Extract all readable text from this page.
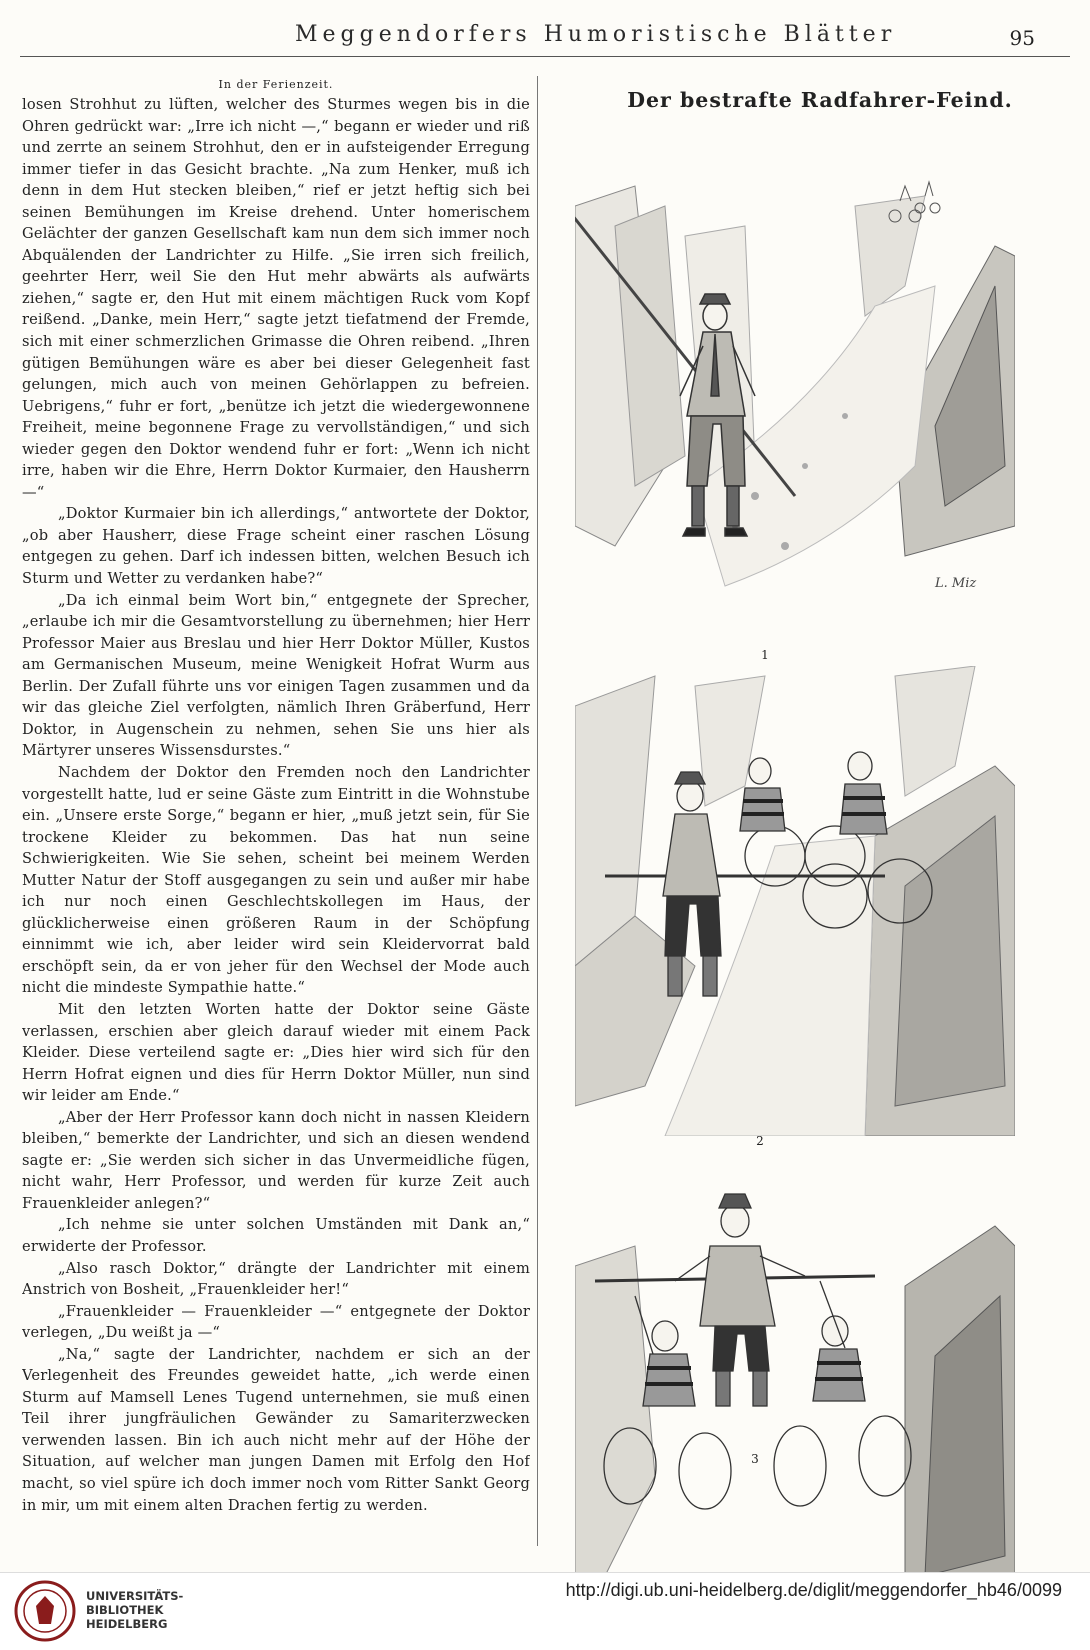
Meggendorfers Humoristische Blätter	95
In der Ferienzeit.

losen Strohhut zu lüften, welcher des Sturmes wegen bis in die Ohren gedrückt war: „Irre ich nicht —,“ begann er wieder und riß und zerrte an seinem Strohhut, den er in aufsteigender Erregung immer tiefer in das Gesicht brachte. „Na zum Henker, muß ich denn in dem Hut stecken bleiben,“ rief er jetzt heftig sich bei seinen Bemühungen im Kreise drehend. Unter homerischem Gelächter der ganzen Gesellschaft kam nun dem sich immer noch Abquälenden der Landrichter zu Hilfe. „Sie irren sich freilich, geehrter Herr, weil Sie den Hut mehr abwärts als aufwärts ziehen,“ sagte er, den Hut mit einem mächtigen Ruck vom Kopf reißend. „Danke, mein Herr,“ sagte jetzt tiefatmend der Fremde, sich mit einer schmerzlichen Grimasse die Ohren reibend. „Ihren gütigen Bemühungen wäre es aber bei dieser Gelegenheit fast gelungen, mich auch von meinen Gehörlappen zu befreien. Uebrigens,“ fuhr er fort, „benütze ich jetzt die wiedergewonnene Freiheit, meine begonnene Frage zu vervollständigen,“ und sich wieder gegen den Doktor wendend fuhr er fort: „Wenn ich nicht irre, haben wir die Ehre, Herrn Doktor Kurmaier, den Hausherrn —“

„Doktor Kurmaier bin ich allerdings,“ antwortete der Doktor, „ob aber Hausherr, diese Frage scheint einer raschen Lösung entgegen zu gehen. Darf ich indessen bitten, welchen Besuch ich Sturm und Wetter zu verdanken habe?“

„Da ich einmal beim Wort bin,“ entgegnete der Sprecher, „erlaube ich mir die Gesamtvorstellung zu übernehmen; hier Herr Professor Maier aus Breslau und hier Herr Doktor Müller, Kustos am Germanischen Museum, meine Wenigkeit Hofrat Wurm aus Berlin. Der Zufall führte uns vor einigen Tagen zusammen und da wir das gleiche Ziel verfolgten, nämlich Ihren Gräberfund, Herr Doktor, in Augenschein zu nehmen, sehen Sie uns hier als Märtyrer unseres Wissensdurstes.“

Nachdem der Doktor den Fremden noch den Landrichter vorgestellt hatte, lud er seine Gäste zum Eintritt in die Wohnstube ein. „Unsere erste Sorge,“ begann er hier, „muß jetzt sein, für Sie trockene Kleider zu bekommen. Das hat nun seine Schwierigkeiten. Wie Sie sehen, scheint bei meinem Werden Mutter Natur der Stoff ausgegangen zu sein und außer mir habe ich nur noch einen Geschlechtskollegen im Haus, der glücklicherweise einen größeren Raum in der Schöpfung einnimmt wie ich, aber leider wird sein Kleidervorrat bald erschöpft sein, da er von jeher für den Wechsel der Mode auch nicht die mindeste Sympathie hatte.“

Mit den letzten Worten hatte der Doktor seine Gäste verlassen, erschien aber gleich darauf wieder mit einem Pack Kleider. Diese verteilend sagte er: „Dies hier wird sich für den Herrn Hofrat eignen und dies für Herrn Doktor Müller, nun sind wir leider am Ende.“

„Aber der Herr Professor kann doch nicht in nassen Kleidern bleiben,“ bemerkte der Landrichter, und sich an diesen wendend sagte er: „Sie werden sich sicher in das Unvermeidliche fügen, nicht wahr, Herr Professor, und werden für kurze Zeit auch Frauenkleider anlegen?“

„Ich nehme sie unter solchen Umständen mit Dank an,“ erwiderte der Professor.

„Also rasch Doktor,“ drängte der Landrichter mit einem Anstrich von Bosheit, „Frauenkleider her!“

„Frauenkleider — Frauenkleider —“ entgegnete der Doktor verlegen, „Du weißt ja —“

„Na,“ sagte der Landrichter, nachdem er sich an der Verlegenheit des Freundes geweidet hatte, „ich werde einen Sturm auf Mamsell Lenes Tugend unternehmen, sie muß einen Teil ihrer jungfräulichen Gewänder zu Samariterzwecken verwenden lassen. Bin ich auch nicht mehr auf der Höhe der Situation, auf welcher man jungen Damen mit Erfolg den Hof macht, so viel spüre ich doch immer noch vom Ritter Sankt Georg in mir, um mit einem alten Drachen fertig zu werden.

Der bestrafte Radfahrer-Feind.
L. Miz
1
2
3
UNIVERSITÄTS-
BIBLIOTHEK
HEIDELBERG
http://digi.ub.uni-heidelberg.de/diglit/meggendorfer_hb46/0099
